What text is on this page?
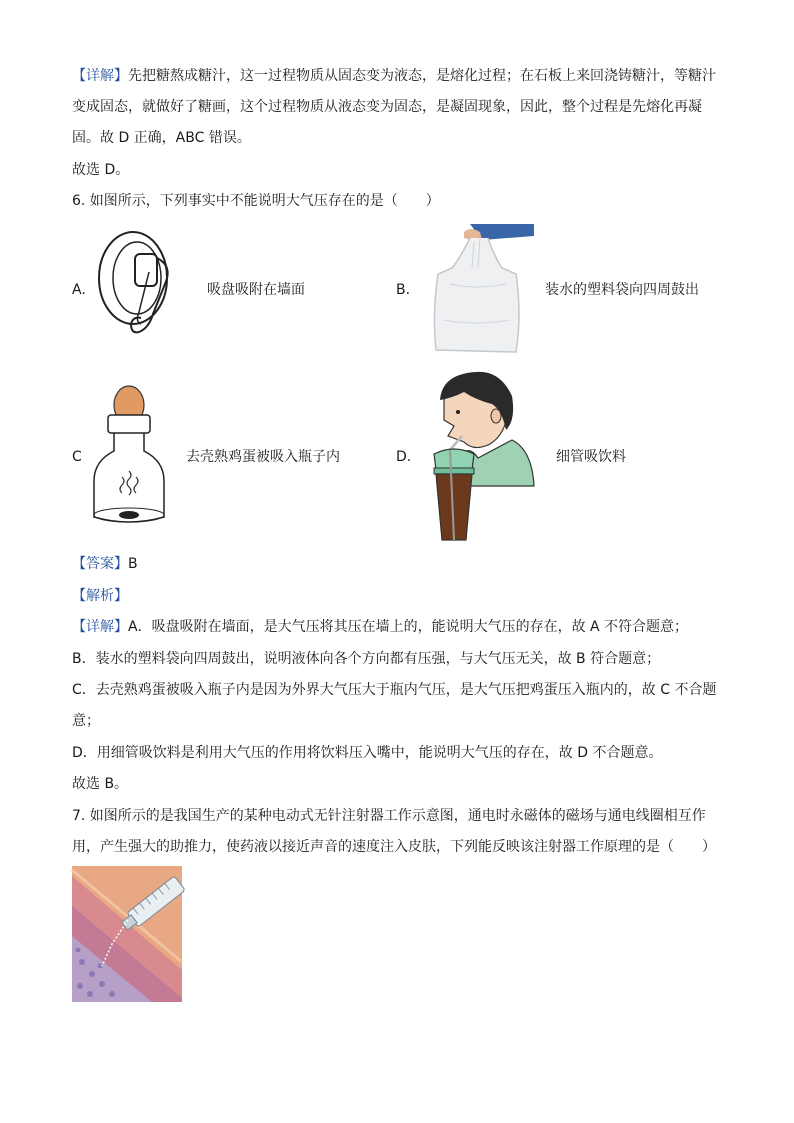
【详解】先把糖熬成糖汁，这一过程物质从固态变为液态，是熔化过程；在石板上来回浇铸糖汁，等糖汁
变成固态，就做好了糖画，这个过程物质从液态变为固态，是凝固现象，因此，整个过程是先熔化再凝
固。故 D 正确，ABC 错误。
故选 D。
6. 如图所示，下列事实中不能说明大气压存在的是（　　）
A.	吸盘吸附在墙面	B.	装水的塑料袋向四周鼓出
C	去壳熟鸡蛋被吸入瓶子内	D.	细管吸饮料
【答案】B
【解析】
【详解】A．吸盘吸附在墙面，是大气压将其压在墙上的，能说明大气压的存在，故 A 不符合题意；
B．装水的塑料袋向四周鼓出，说明液体向各个方向都有压强，与大气压无关，故 B 符合题意；
C．去壳熟鸡蛋被吸入瓶子内是因为外界大气压大于瓶内气压，是大气压把鸡蛋压入瓶内的，故 C 不合题
意；
D．用细管吸饮料是利用大气压的作用将饮料压入嘴中，能说明大气压的存在，故 D 不合题意。
故选 B。
7. 如图所示的是我国生产的某种电动式无针注射器工作示意图，通电时永磁体的磁场与通电线圈相互作
用，产生强大的助推力，使药液以接近声音的速度注入皮肤，下列能反映该注射器工作原理的是（　　）
